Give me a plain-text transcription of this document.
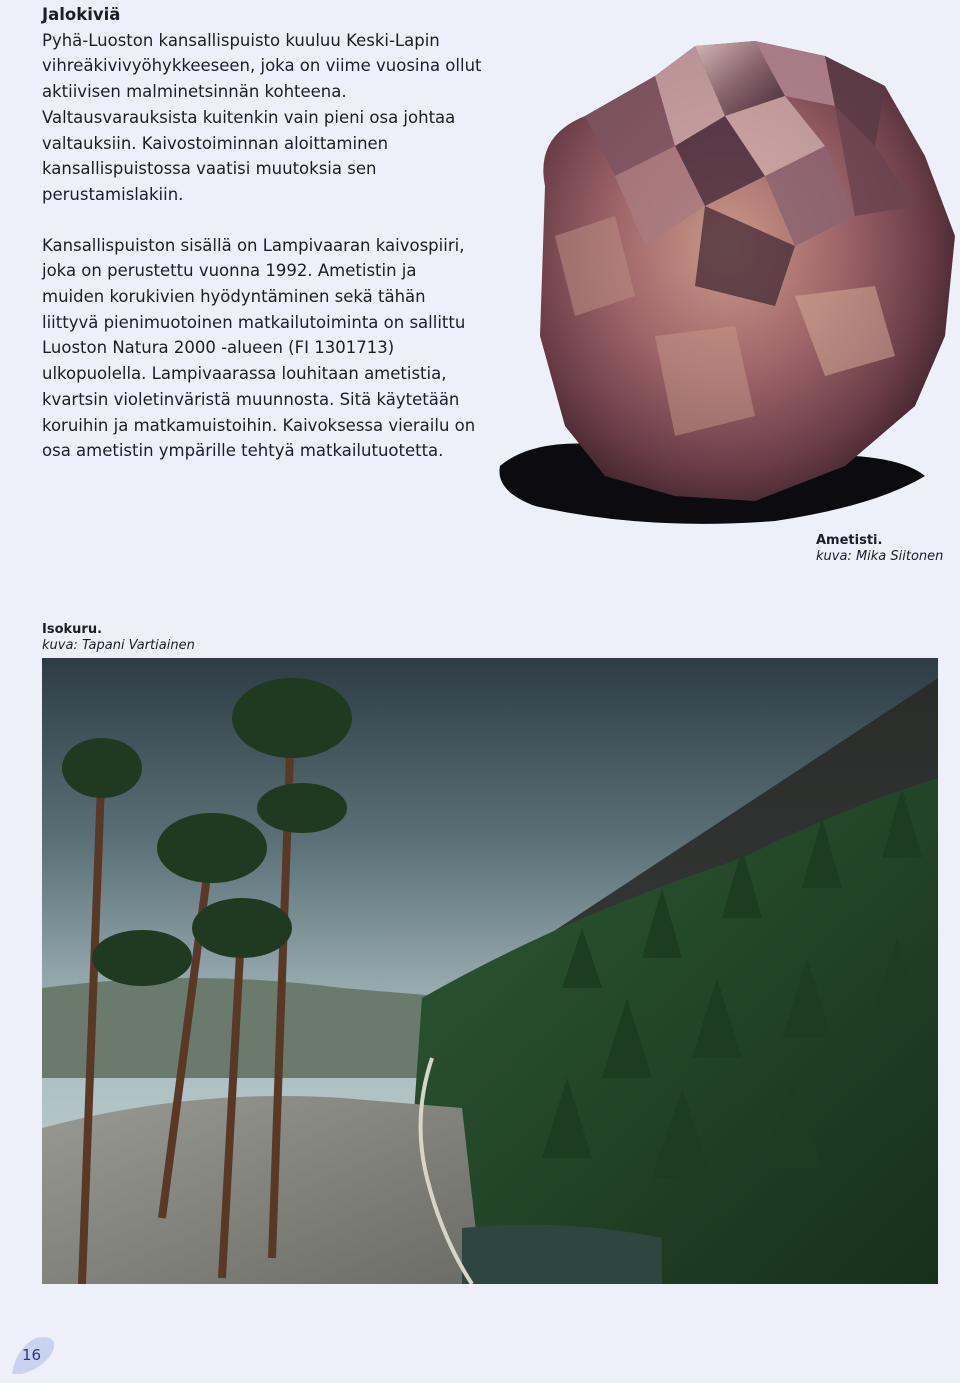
Jalokiviä

Pyhä-Luoston kansallispuisto kuuluu Keski-Lapin vihreäkivivyöhykkeeseen, joka on viime vuosina ollut aktiivisen malminetsinnän kohteena. Valtausvarauksista kuitenkin vain pieni osa johtaa valtauksiin. Kaivostoiminnan aloittaminen kansallispuistossa vaatisi muutoksia sen perustamislakiin.

Kansallispuiston sisällä on Lampivaaran kaivospiiri, joka on perustettu vuonna 1992. Ametistin ja muiden korukivien hyödyntäminen sekä tähän liittyvä pienimuotoinen matkailutoiminta on sallittu Luoston Natura 2000 -alueen (FI 1301713) ulkopuolella. Lampivaarassa louhitaan ametistia, kvartsin violetinväristä muunnosta. Sitä käytetään koruihin ja matkamuistoihin. Kaivoksessa vierailu on osa ametistin ympärille tehtyä matkailutuotetta.

Ametisti.
kuva: Mika Siitonen
Isokuru.
kuva: Tapani Vartiainen
16
